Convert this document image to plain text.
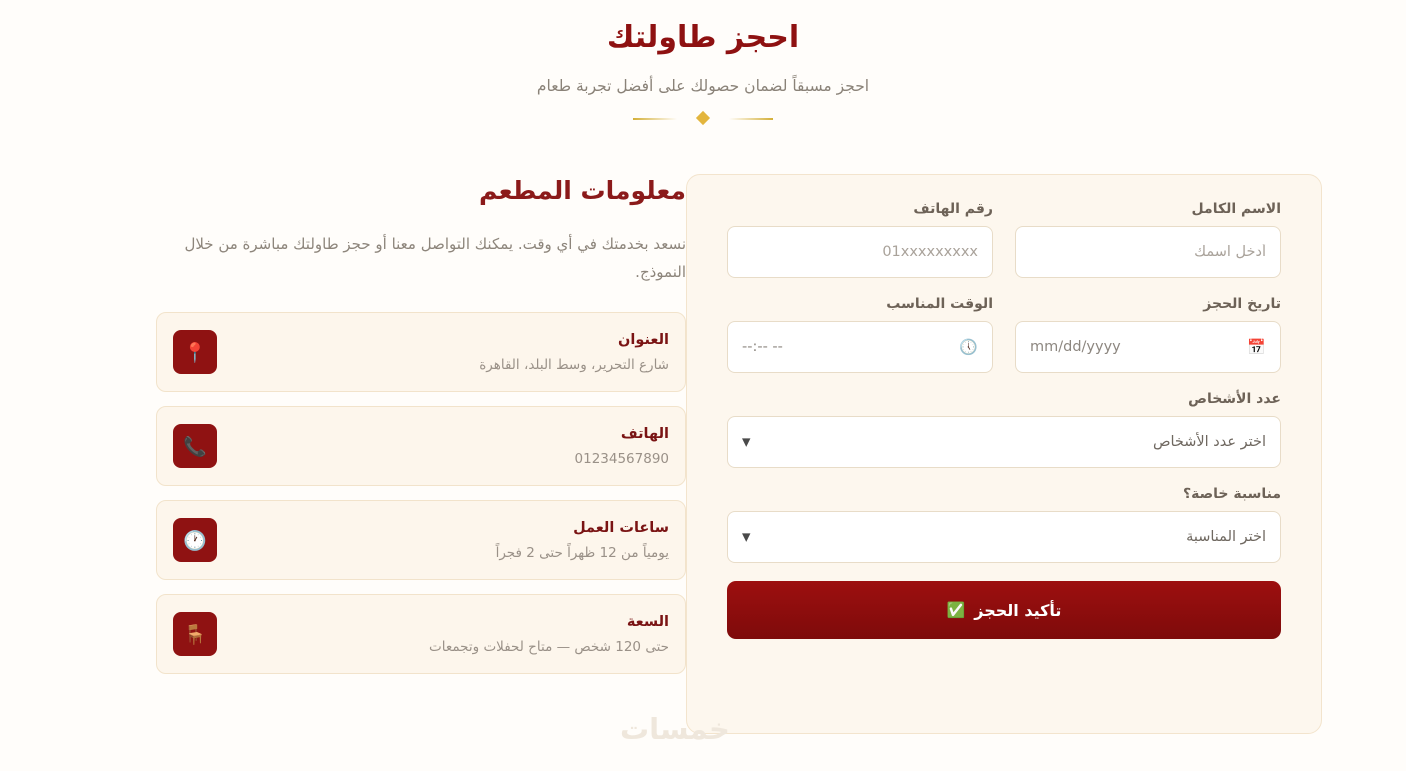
احجز طاولتك

احجز مسبقاً لضمان حصولك على أفضل تجربة طعام

الاسم الكامل
أدخل اسمك
رقم الهاتف
01xxxxxxxxx
تاريخ الحجز
mm/dd/yyyy	📅
الوقت المناسب
--:-- --	🕔
عدد الأشخاص
اختر عدد الأشخاص
▼
مناسبة خاصة؟
اختر المناسبة
▼
تأكيد الحجز
✅
معلومات المطعم

نسعد بخدمتك في أي وقت. يمكنك التواصل معنا أو حجز طاولتك مباشرة من خلال النموذج.

📍
العنوان
شارع التحرير، وسط البلد، القاهرة
📞
الهاتف
01234567890
🕐
ساعات العمل
يومياً من 12 ظهراً حتى 2 فجراً
🪑
السعة
حتى 120 شخص — متاح لحفلات وتجمعات
خمسات
